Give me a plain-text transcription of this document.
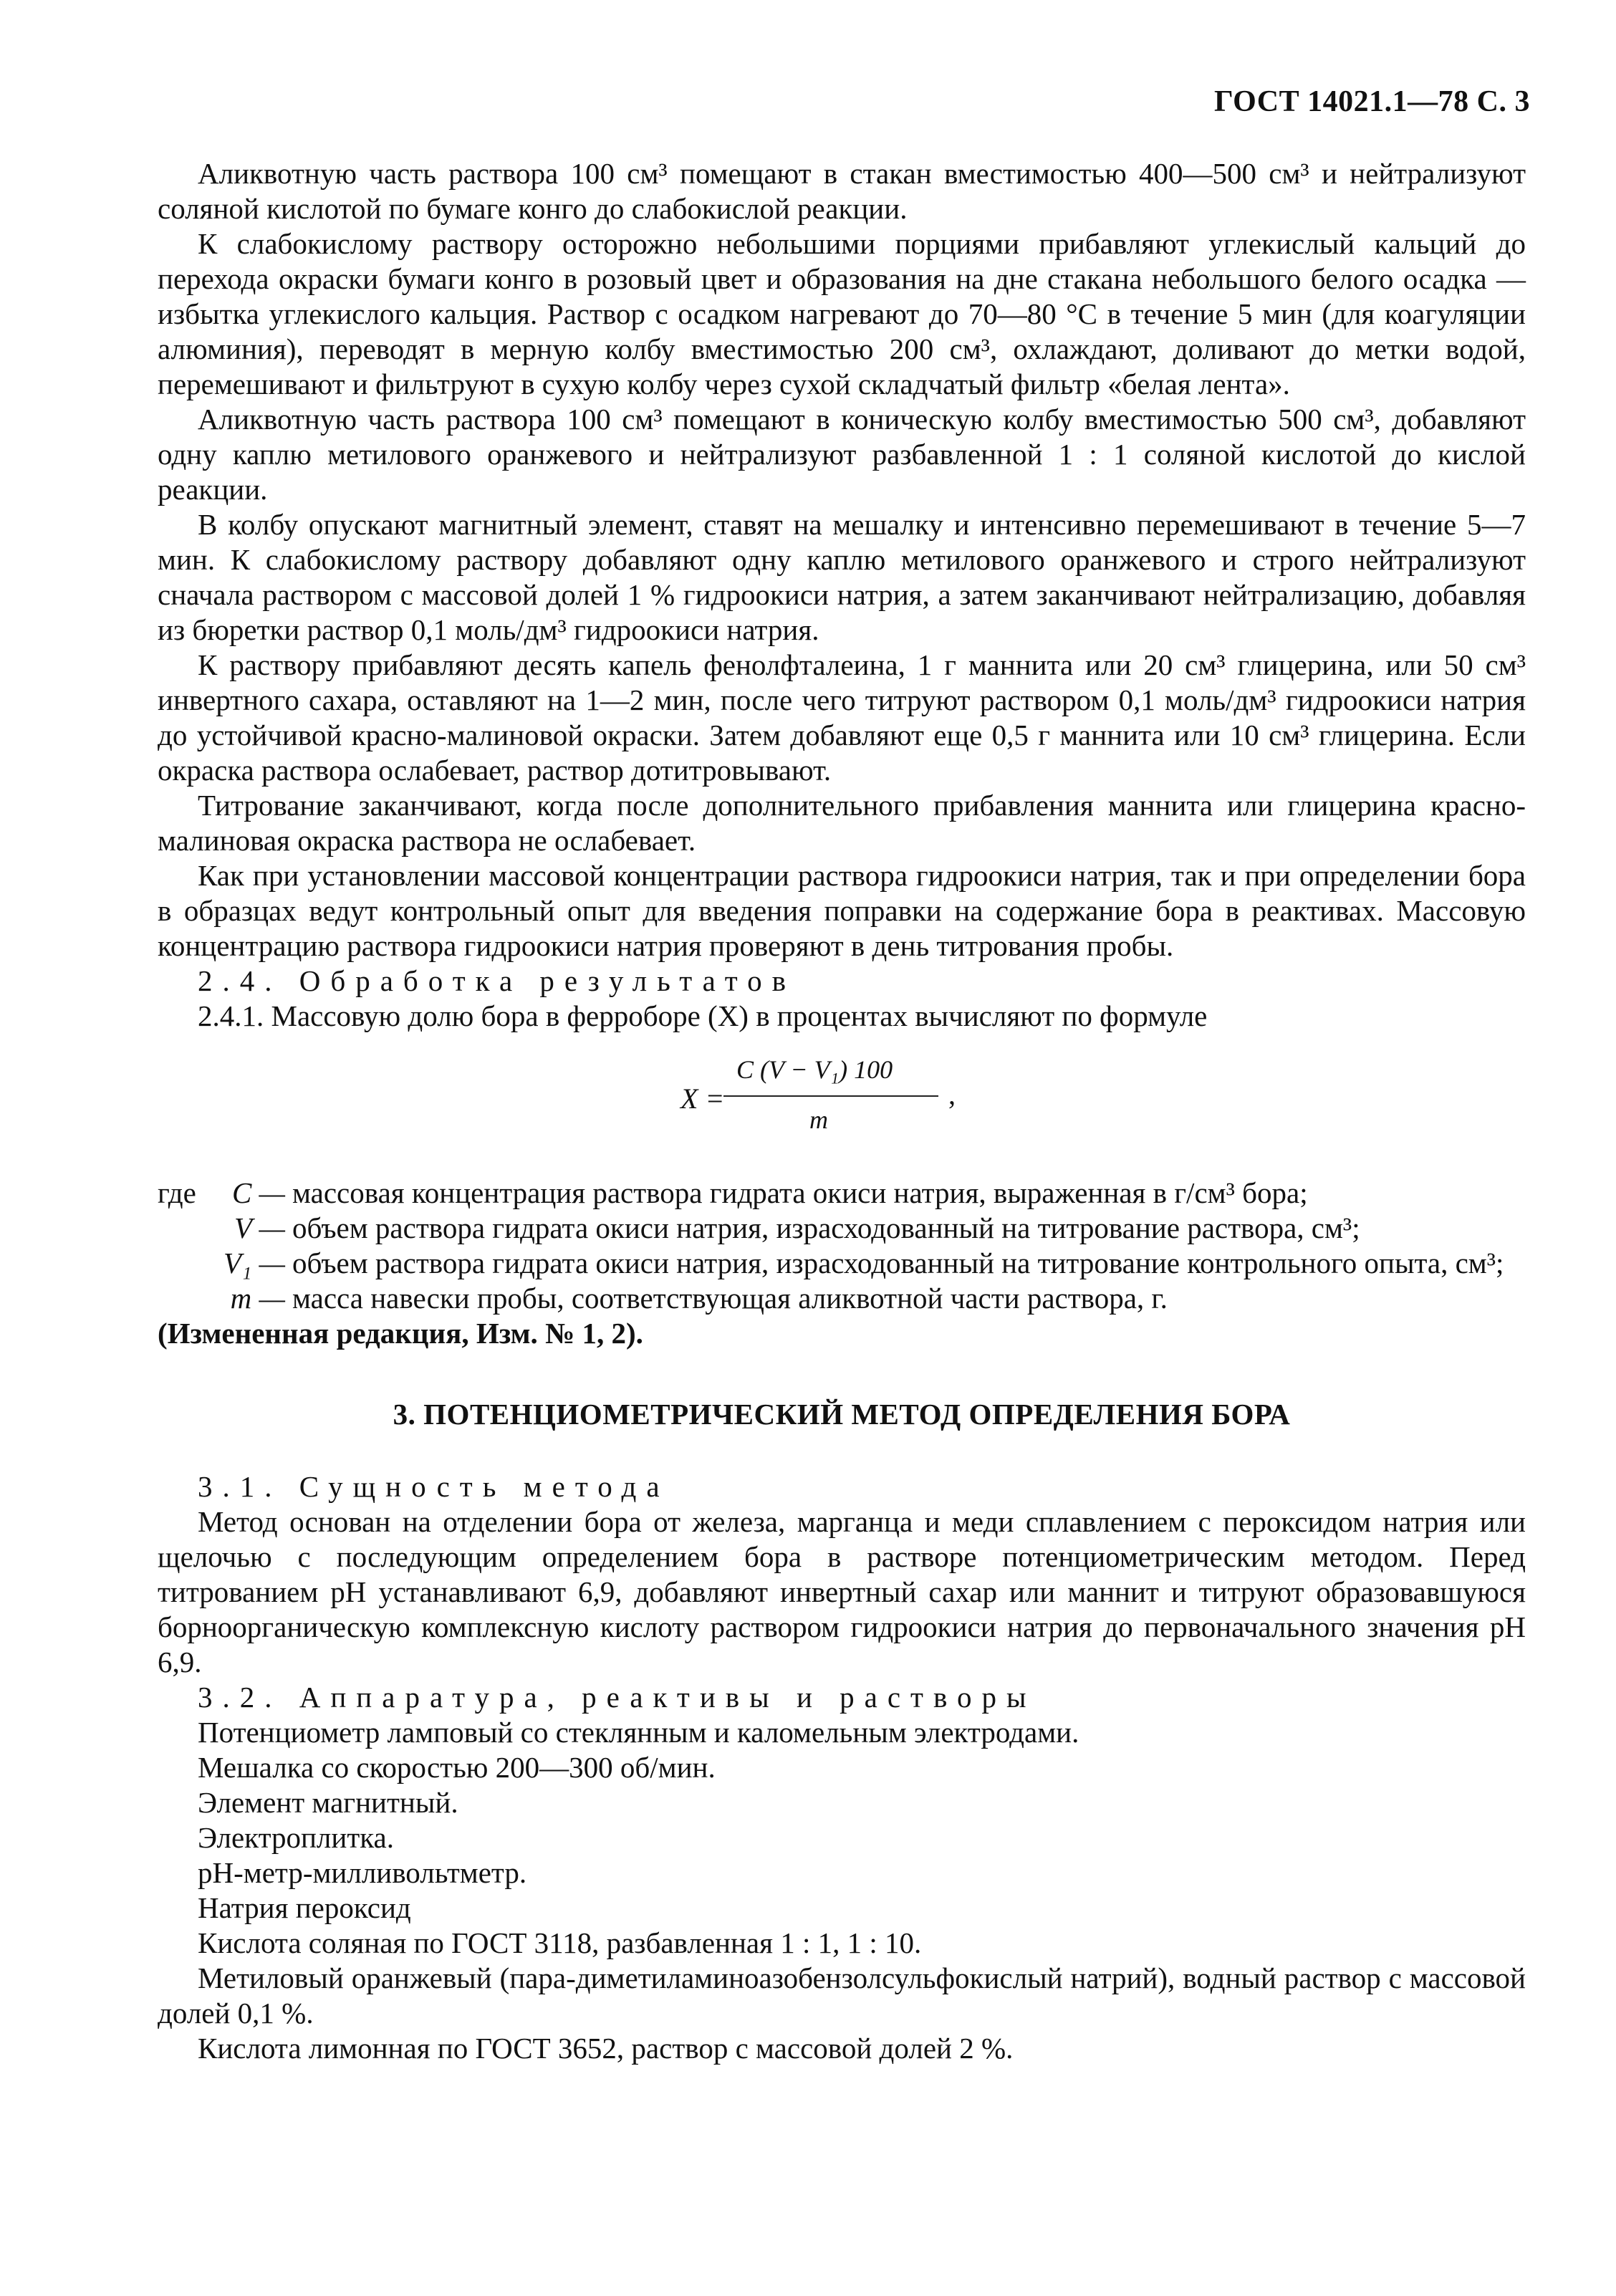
ГОСТ 14021.1—78 С. 3

Аликвотную часть раствора 100 см³ помещают в стакан вместимостью 400—500 см³ и нейтрализуют соляной кислотой по бумаге конго до слабокислой реакции.

К слабокислому раствору осторожно небольшими порциями прибавляют углекислый кальций до перехода окраски бумаги конго в розовый цвет и образования на дне стакана небольшого белого осадка — избытка углекислого кальция. Раствор с осадком нагревают до 70—80 °С в течение 5 мин (для коагуляции алюминия), переводят в мерную колбу вместимостью 200 см³, охлаждают, доливают до метки водой, перемешивают и фильтруют в сухую колбу через сухой складчатый фильтр «белая лента».

Аликвотную часть раствора 100 см³ помещают в коническую колбу вместимостью 500 см³, добавляют одну каплю метилового оранжевого и нейтрализуют разбавленной 1 : 1 соляной кислотой до кислой реакции.

В колбу опускают магнитный элемент, ставят на мешалку и интенсивно перемешивают в течение 5—7 мин. К слабокислому раствору добавляют одну каплю метилового оранжевого и строго нейтрализуют сначала раствором с массовой долей 1 % гидроокиси натрия, а затем заканчивают нейтрализацию, добавляя из бюретки раствор 0,1 моль/дм³ гидроокиси натрия.

К раствору прибавляют десять капель фенолфталеина, 1 г маннита или 20 см³ глицерина, или 50 см³ инвертного сахара, оставляют на 1—2 мин, после чего титруют раствором 0,1 моль/дм³ гидроокиси натрия до устойчивой красно-малиновой окраски. Затем добавляют еще 0,5 г маннита или 10 см³ глицерина. Если окраска раствора ослабевает, раствор дотитровывают.

Титрование заканчивают, когда после дополнительного прибавления маннита или глицерина красно-малиновая окраска раствора не ослабевает.

Как при установлении массовой концентрации раствора гидроокиси натрия, так и при определении бора в образцах ведут контрольный опыт для введения поправки на содержание бора в реактивах. Массовую концентрацию раствора гидроокиси натрия проверяют в день титрования пробы.

2.4. Обработка результатов

2.4.1. Массовую долю бора в ферроборе (X) в процентах вычисляют по формуле

X =
C (V − V₁) 100
m
,
где	C — массовая концентрация раствора гидрата окиси натрия, выраженная в г/см³ бора;
V — объем раствора гидрата окиси натрия, израсходованный на титрование раствора, см³;
V₁ — объем раствора гидрата окиси натрия, израсходованный на титрование контрольного опыта, см³;
m — масса навески пробы, соответствующая аликвотной части раствора, г.

(Измененная редакция, Изм. № 1, 2).

3. ПОТЕНЦИОМЕТРИЧЕСКИЙ МЕТОД ОПРЕДЕЛЕНИЯ БОРА

3.1. Сущность метода

Метод основан на отделении бора от железа, марганца и меди сплавлением с пероксидом натрия или щелочью с последующим определением бора в растворе потенциометрическим методом. Перед титрованием pH устанавливают 6,9, добавляют инвертный сахар или маннит и титруют образовавшуюся борноорганическую комплексную кислоту раствором гидроокиси натрия до первоначального значения pH 6,9.

3.2. Аппаратура, реактивы и растворы

Потенциометр ламповый со стеклянным и каломельным электродами.

Мешалка со скоростью 200—300 об/мин.

Элемент магнитный.

Электроплитка.

pH-метр-милливольтметр.

Натрия пероксид

Кислота соляная по ГОСТ 3118, разбавленная 1 : 1, 1 : 10.

Метиловый оранжевый (пара-диметиламиноазобензолсульфокислый натрий), водный раствор с массовой долей 0,1 %.

Кислота лимонная по ГОСТ 3652, раствор с массовой долей 2 %.
